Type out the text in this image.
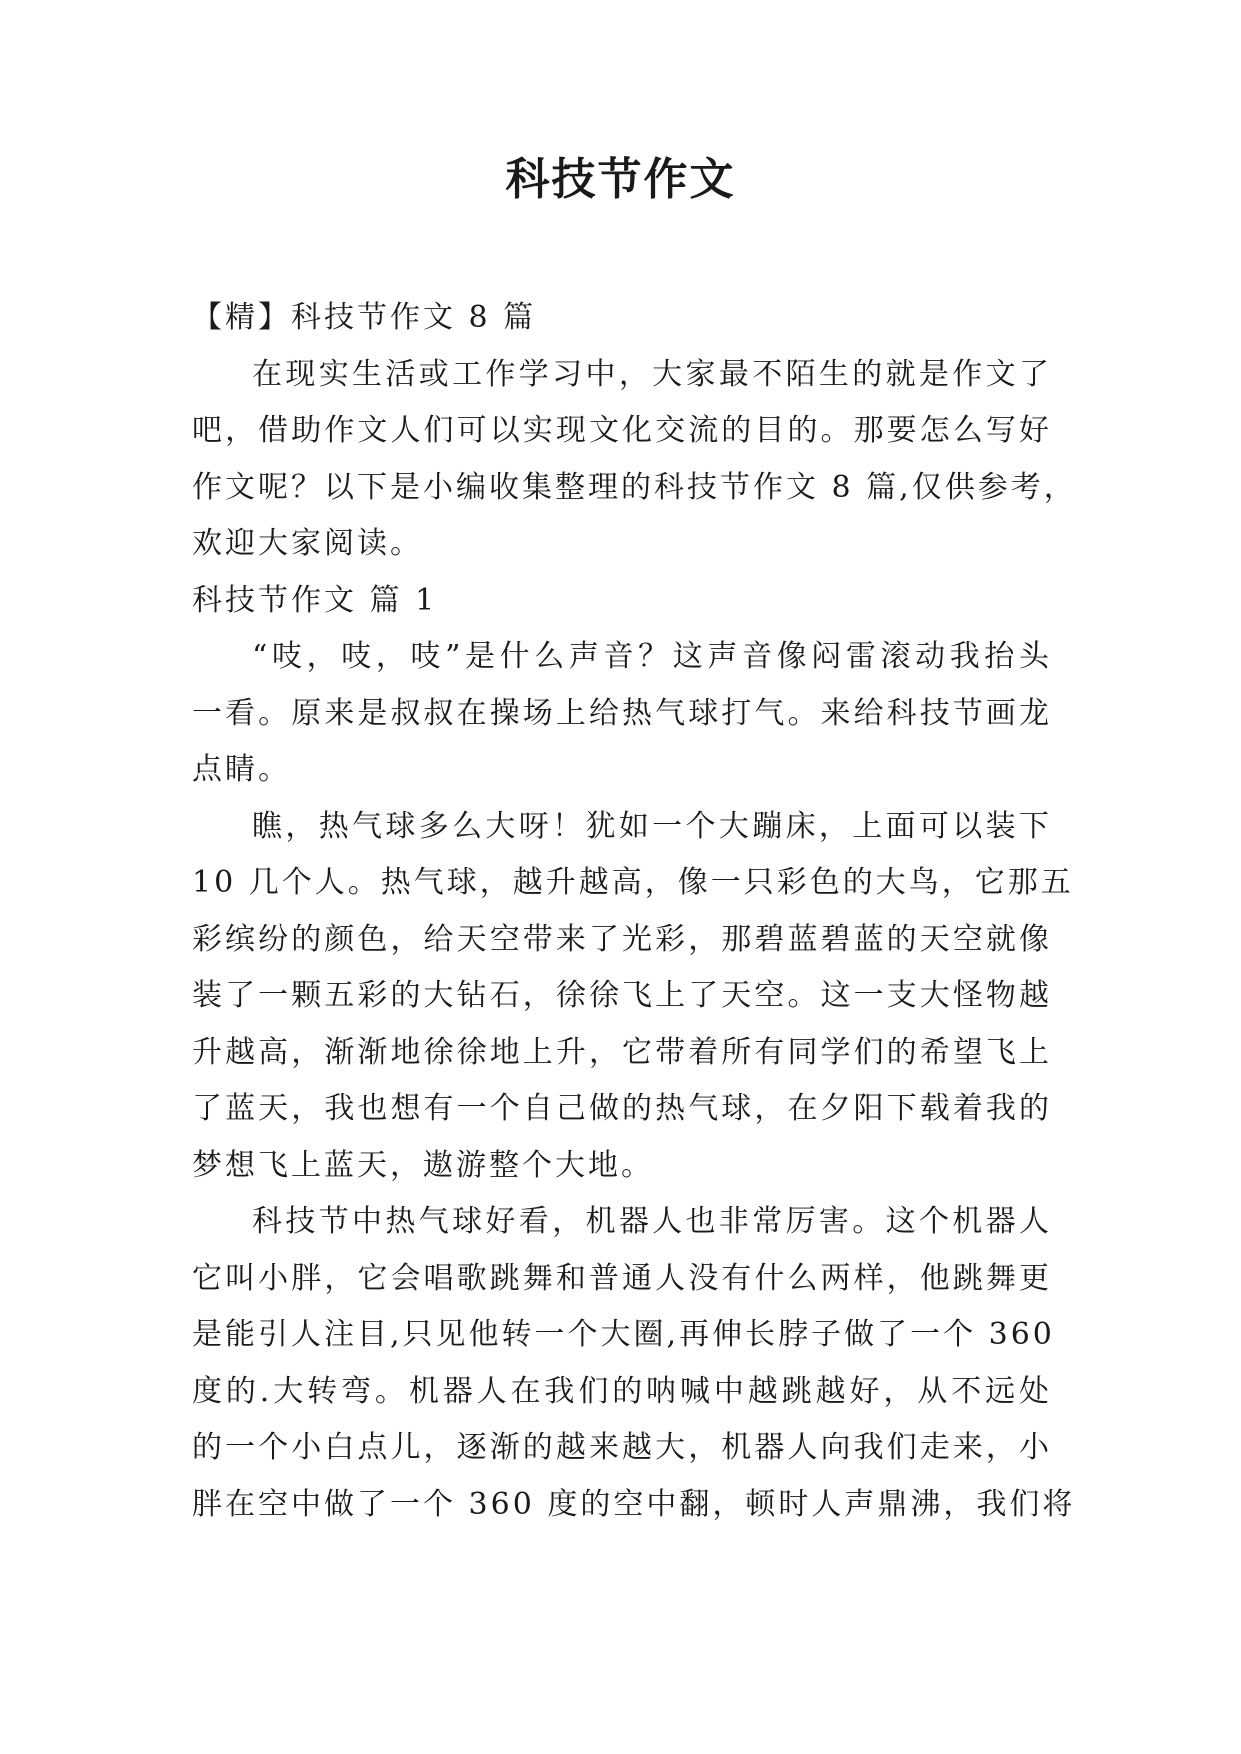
科技节作文

【精】科技节作文 8 篇

在现实生活或工作学习中，大家最不陌生的就是作文了
吧，借助作文人们可以实现文化交流的目的。那要怎么写好
作文呢？以下是小编收集整理的科技节作文 8 篇,仅供参考，
欢迎大家阅读。

科技节作文 篇 1

“吱，吱，吱”是什么声音？这声音像闷雷滚动我抬头
一看。原来是叔叔在操场上给热气球打气。来给科技节画龙
点睛。

瞧，热气球多么大呀！犹如一个大蹦床，上面可以装下
10 几个人。热气球，越升越高，像一只彩色的大鸟，它那五
彩缤纷的颜色，给天空带来了光彩，那碧蓝碧蓝的天空就像
装了一颗五彩的大钻石，徐徐飞上了天空。这一支大怪物越
升越高，渐渐地徐徐地上升，它带着所有同学们的希望飞上
了蓝天，我也想有一个自己做的热气球，在夕阳下载着我的
梦想飞上蓝天，遨游整个大地。

科技节中热气球好看，机器人也非常厉害。这个机器人
它叫小胖，它会唱歌跳舞和普通人没有什么两样，他跳舞更
是能引人注目,只见他转一个大圈,再伸长脖子做了一个 360
度的.大转弯。机器人在我们的呐喊中越跳越好，从不远处
的一个小白点儿，逐渐的越来越大，机器人向我们走来，小
胖在空中做了一个 360 度的空中翻，顿时人声鼎沸，我们将
